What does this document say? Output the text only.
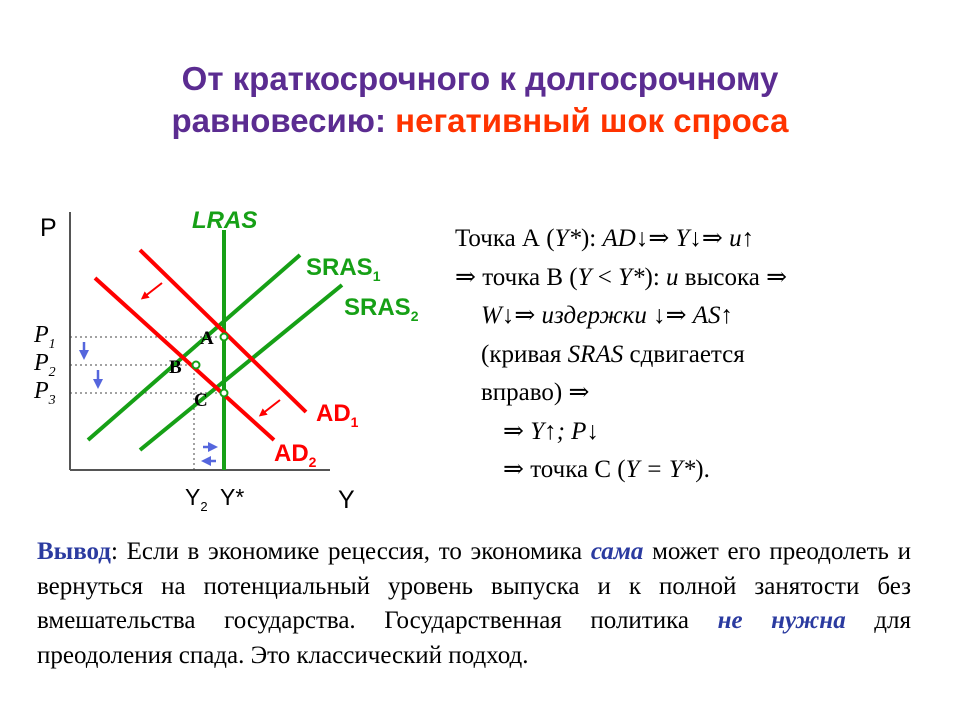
От краткосрочного к долгосрочному
равновесию: негативный шок спроса
A
B
C
P
Y
$P_1$
$P_2$
$P_3$
$Y_2$ Y*
LRAS
$SRAS_1$
$SRAS_2$
$AD_1$
$AD_2$
Точка А (Y*): AD↓⇒ Y↓⇒ u↑
⇒ точка В (Y < Y*): u высока ⇒
W↓⇒ издержки ↓⇒ AS↑
(кривая SRAS сдвигается
вправо) ⇒
⇒ Y↑; P↓
⇒ точка С (Y = Y*).
Вывод: Если в экономике рецессия, то экономика сама может его преодолеть и вернуться на потенциальный уровень выпуска и к полной занятости без вмешательства государства. Государственная политика не нужна для преодоления спада. Это классический подход.
